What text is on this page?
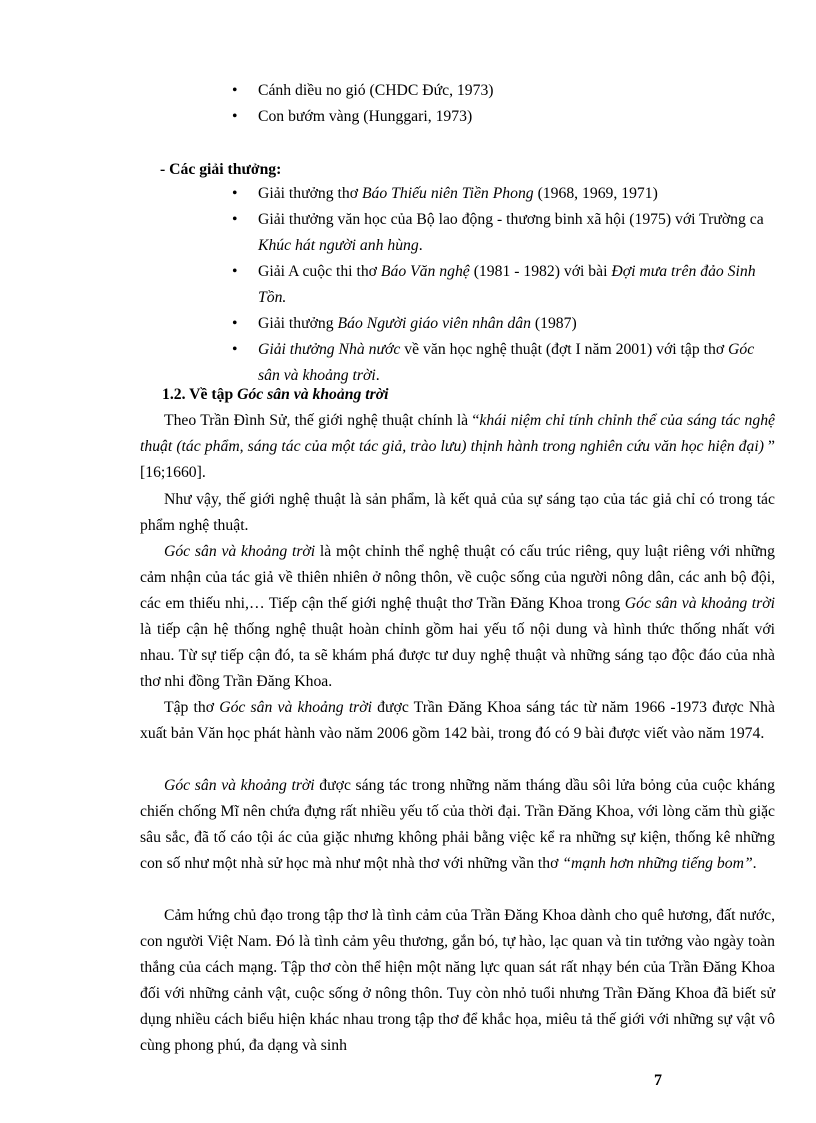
• Cánh diều no gió (CHDC Đức, 1973)
• Con bướm vàng (Hunggari, 1973)
- Các giải thưởng:
• Giải thưởng thơ Báo Thiếu niên Tiền Phong (1968, 1969, 1971)
• Giải thưởng văn học của Bộ lao động - thương binh xã hội (1975) với Trường ca Khúc hát người anh hùng.
• Giải A cuộc thi thơ Báo Văn nghệ (1981 - 1982) với bài Đợi mưa trên đảo Sinh Tồn.
• Giải thưởng Báo Người giáo viên nhân dân (1987)
• Giải thưởng Nhà nước về văn học nghệ thuật (đợt I năm 2001) với tập thơ Góc sân và khoảng trời.
1.2. Về tập Góc sân và khoảng trời
Theo Trần Đình Sử, thế giới nghệ thuật chính là “khái niệm chỉ tính chỉnh thể của sáng tác nghệ thuật (tác phẩm, sáng tác của một tác giả, trào lưu) thịnh hành trong nghiên cứu văn học hiện đại) ” [16;1660].
Như vậy, thế giới nghệ thuật là sản phẩm, là kết quả của sự sáng tạo của tác giả chỉ có trong tác phẩm nghệ thuật.
Góc sân và khoảng trời là một chỉnh thể nghệ thuật có cấu trúc riêng, quy luật riêng với những cảm nhận của tác giả về thiên nhiên ở nông thôn, về cuộc sống của người nông dân, các anh bộ đội, các em thiếu nhi,… Tiếp cận thế giới nghệ thuật thơ Trần Đăng Khoa trong Góc sân và khoảng trời là tiếp cận hệ thống nghệ thuật hoàn chỉnh gồm hai yếu tố nội dung và hình thức thống nhất với nhau. Từ sự tiếp cận đó, ta sẽ khám phá được tư duy nghệ thuật và những sáng tạo độc đáo của nhà thơ nhi đồng Trần Đăng Khoa.
Tập thơ Góc sân và khoảng trời được Trần Đăng Khoa sáng tác từ năm 1966 -1973 được Nhà xuất bản Văn học phát hành vào năm 2006 gồm 142 bài, trong đó có 9 bài được viết vào năm 1974.
Góc sân và khoảng trời được sáng tác trong những năm tháng dầu sôi lửa bỏng của cuộc kháng chiến chống Mĩ nên chứa đựng rất nhiều yếu tố của thời đại. Trần Đăng Khoa, với lòng căm thù giặc sâu sắc, đã tố cáo tội ác của giặc nhưng không phải bằng việc kể ra những sự kiện, thống kê những con số như một nhà sử học mà như một nhà thơ với những vần thơ “mạnh hơn những tiếng bom”.
Cảm hứng chủ đạo trong tập thơ là tình cảm của Trần Đăng Khoa dành cho quê hương, đất nước, con người Việt Nam. Đó là tình cảm yêu thương, gắn bó, tự hào, lạc quan và tin tưởng vào ngày toàn thắng của cách mạng. Tập thơ còn thể hiện một năng lực quan sát rất nhạy bén của Trần Đăng Khoa đối với những cảnh vật, cuộc sống ở nông thôn. Tuy còn nhỏ tuổi nhưng Trần Đăng Khoa đã biết sử dụng nhiều cách biểu hiện khác nhau trong tập thơ để khắc họa, miêu tả thế giới với những sự vật vô cùng phong phú, đa dạng và sinh
7
